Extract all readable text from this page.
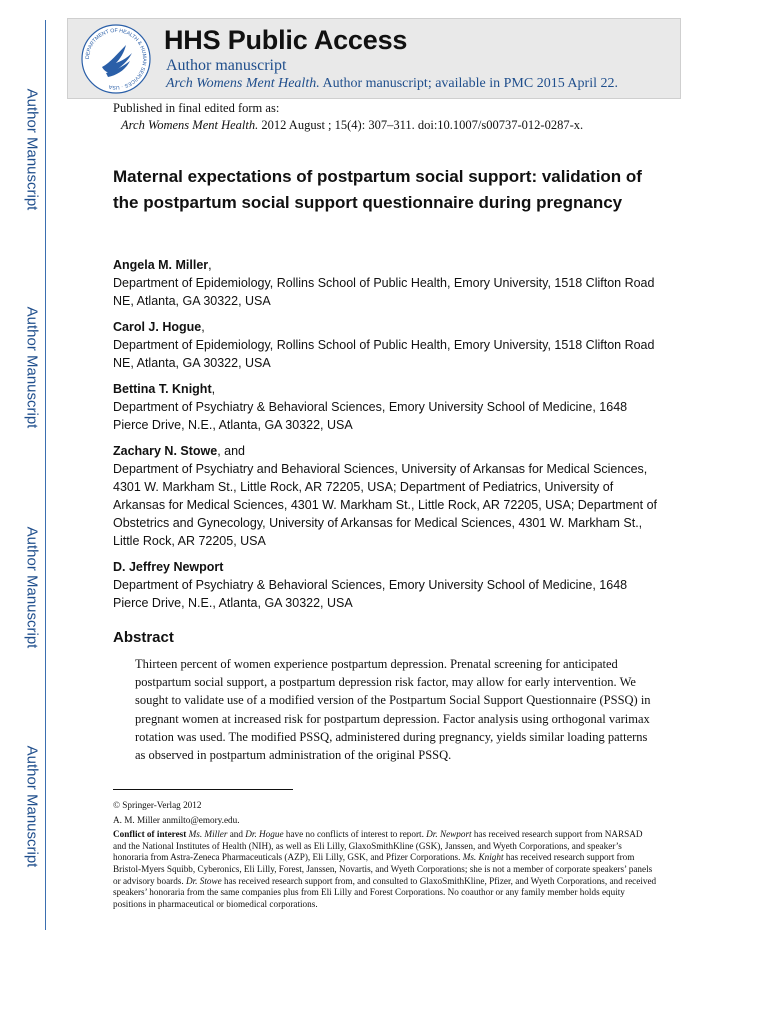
Author Manuscript
Author Manuscript
Author Manuscript
Author Manuscript
DEPARTMENT OF HEALTH & HUMAN SERVICES · USA
HHS Public Access
Author manuscript
Arch Womens Ment Health. Author manuscript; available in PMC 2015 April 22.
Published in final edited form as:
Arch Womens Ment Health. 2012 August ; 15(4): 307–311. doi:10.1007/s00737-012-0287-x.
Maternal expectations of postpartum social support: validation of the postpartum social support questionnaire during pregnancy
Angela M. Miller,
Department of Epidemiology, Rollins School of Public Health, Emory University, 1518 Clifton Road NE, Atlanta, GA 30322, USA
Carol J. Hogue,
Department of Epidemiology, Rollins School of Public Health, Emory University, 1518 Clifton Road NE, Atlanta, GA 30322, USA
Bettina T. Knight,
Department of Psychiatry & Behavioral Sciences, Emory University School of Medicine, 1648 Pierce Drive, N.E., Atlanta, GA 30322, USA
Zachary N. Stowe, and
Department of Psychiatry and Behavioral Sciences, University of Arkansas for Medical Sciences, 4301 W. Markham St., Little Rock, AR 72205, USA; Department of Pediatrics, University of Arkansas for Medical Sciences, 4301 W. Markham St., Little Rock, AR 72205, USA; Department of Obstetrics and Gynecology, University of Arkansas for Medical Sciences, 4301 W. Markham St., Little Rock, AR 72205, USA
D. Jeffrey Newport
Department of Psychiatry & Behavioral Sciences, Emory University School of Medicine, 1648 Pierce Drive, N.E., Atlanta, GA 30322, USA
Abstract
Thirteen percent of women experience postpartum depression. Prenatal screening for anticipated postpartum social support, a postpartum depression risk factor, may allow for early intervention. We sought to validate use of a modified version of the Postpartum Social Support Questionnaire (PSSQ) in pregnant women at increased risk for postpartum depression. Factor analysis using orthogonal varimax rotation was used. The modified PSSQ, administered during pregnancy, yields similar loading patterns as observed in postpartum administration of the original PSSQ.

© Springer-Verlag 2012

A. M. Miller anmilto@emory.edu.

Conflict of interest Ms. Miller and Dr. Hogue have no conflicts of interest to report. Dr. Newport has received research support from NARSAD and the National Institutes of Health (NIH), as well as Eli Lilly, GlaxoSmithKline (GSK), Janssen, and Wyeth Corporations, and speaker’s honoraria from Astra-Zeneca Pharmaceuticals (AZP), Eli Lilly, GSK, and Pfizer Corporations. Ms. Knight has received research support from Bristol-Myers Squibb, Cyberonics, Eli Lilly, Forest, Janssen, Novartis, and Wyeth Corporations; she is not a member of corporate speakers’ panels or advisory boards. Dr. Stowe has received research support from, and consulted to GlaxoSmithKline, Pfizer, and Wyeth Corporations, and received speakers’ honoraria from the same companies plus from Eli Lilly and Forest Corporations. No coauthor or any family member holds equity positions in pharmaceutical or biomedical corporations.
